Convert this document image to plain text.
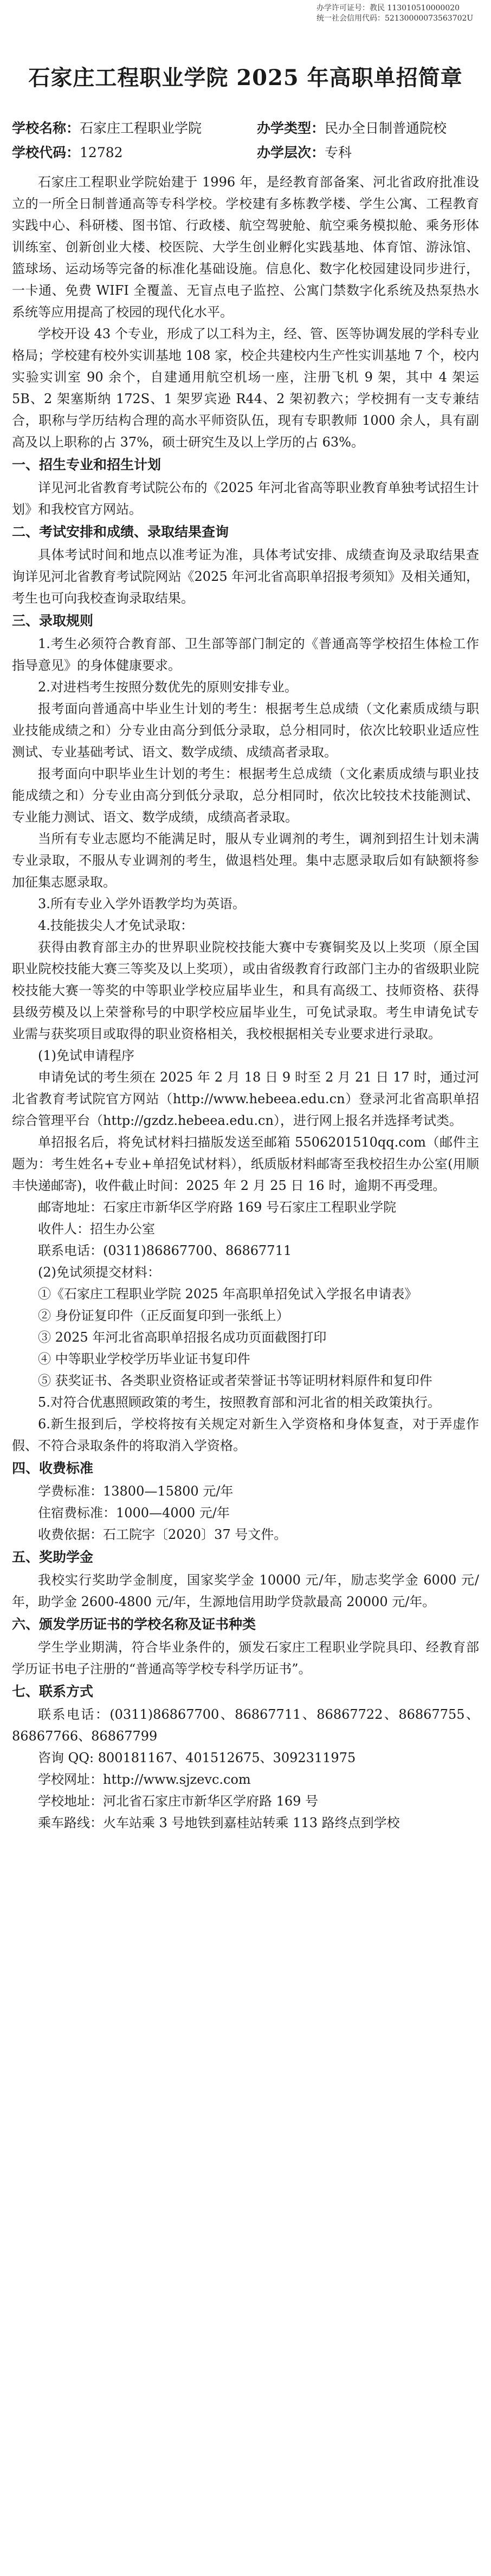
办学许可证号：教民 113010510000020

统一社会信用代码：52130000073563702U

石家庄工程职业学院 2025 年高职单招简章
学校名称： 石家庄工程职业学院	办学类型： 民办全日制普通院校
学校代码： 12782	办学层次： 专科

石家庄工程职业学院始建于 1996 年，是经教育部备案、河北省政府批准设立的一所全日制普通高等专科学校。学校建有多栋教学楼、学生公寓、工程教育实践中心、科研楼、图书馆、行政楼、航空驾驶舱、航空乘务模拟舱、乘务形体训练室、创新创业大楼、校医院、大学生创业孵化实践基地、体育馆、游泳馆、篮球场、运动场等完备的标准化基础设施。信息化、数字化校园建设同步进行，一卡通、免费 WIFI 全覆盖、无盲点电子监控、公寓门禁数字化系统及热泵热水系统等应用提高了校园的现代化水平。

学校开设 43 个专业，形成了以工科为主，经、管、医等协调发展的学科专业格局；学校建有校外实训基地 108 家，校企共建校内生产性实训基地 7 个，校内实验实训室 90 余个，自建通用航空机场一座，注册飞机 9 架，其中 4 架运 5B、2 架塞斯纳 172S、1 架罗宾逊 R44、2 架初教六；学校拥有一支专兼结合，职称与学历结构合理的高水平师资队伍，现有专职教师 1000 余人，具有副高及以上职称的占 37%，硕士研究生及以上学历的占 63%。

一、招生专业和招生计划

详见河北省教育考试院公布的《2025 年河北省高等职业教育单独考试招生计划》和我校官方网站。

二、考试安排和成绩、录取结果查询

具体考试时间和地点以准考证为准，具体考试安排、成绩查询及录取结果查询详见河北省教育考试院网站《2025 年河北省高职单招报考须知》及相关通知，考生也可向我校查询录取结果。

三、录取规则

1.考生必须符合教育部、卫生部等部门制定的《普通高等学校招生体检工作指导意见》的身体健康要求。

2.对进档考生按照分数优先的原则安排专业。

报考面向普通高中毕业生计划的考生：根据考生总成绩（文化素质成绩与职业技能成绩之和）分专业由高分到低分录取，总分相同时，依次比较职业适应性测试、专业基础考试、语文、数学成绩、成绩高者录取。

报考面向中职毕业生计划的考生：根据考生总成绩（文化素质成绩与职业技能成绩之和）分专业由高分到低分录取，总分相同时，依次比较技术技能测试、专业能力测试、语文、数学成绩，成绩高者录取。

当所有专业志愿均不能满足时，服从专业调剂的考生，调剂到招生计划未满专业录取，不服从专业调剂的考生，做退档处理。集中志愿录取后如有缺额将参加征集志愿录取。

3.所有专业入学外语教学均为英语。

4.技能拔尖人才免试录取：

获得由教育部主办的世界职业院校技能大赛中专赛铜奖及以上奖项（原全国职业院校技能大赛三等奖及以上奖项），或由省级教育行政部门主办的省级职业院校技能大赛一等奖的中等职业学校应届毕业生，和具有高级工、技师资格、获得县级劳模及以上荣誉称号的中职学校应届毕业生，可免试录取。考生申请免试专业需与获奖项目或取得的职业资格相关，我校根据相关专业要求进行录取。

(1)免试申请程序

申请免试的考生须在 2025 年 2 月 18 日 9 时至 2 月 21 日 17 时，通过河北省教育考试院官方网站（http://www.hebeea.edu.cn）登录河北省高职单招综合管理平台（http://gzdz.hebeea.edu.cn），进行网上报名并选择考试类。

单招报名后，将免试材料扫描版发送至邮箱 5506201510qq.com（邮件主题为：考生姓名+专业+单招免试材料），纸质版材料邮寄至我校招生办公室(用顺丰快递邮寄)，收件截止时间：2025 年 2 月 25 日 16 时，逾期不再受理。

邮寄地址：石家庄市新华区学府路 169 号石家庄工程职业学院

收件人：招生办公室

联系电话：(0311)86867700、86867711

(2)免试须提交材料：

①《石家庄工程职业学院 2025 年高职单招免试入学报名申请表》

② 身份证复印件（正反面复印到一张纸上）

③ 2025 年河北省高职单招报名成功页面截图打印

④ 中等职业学校学历毕业证书复印件

⑤ 获奖证书、各类职业资格证或者荣誉证书等证明材料原件和复印件

5.对符合优惠照顾政策的考生，按照教育部和河北省的相关政策执行。

6.新生报到后，学校将按有关规定对新生入学资格和身体复查，对于弄虚作假、不符合录取条件的将取消入学资格。

四、收费标准

学费标准：13800—15800 元/年

住宿费标准：1000—4000 元/年

收费依据：石工院字〔2020〕37 号文件。

五、奖助学金

我校实行奖助学金制度，国家奖学金 10000 元/年，励志奖学金 6000 元/年，助学金 2600-4800 元/年，生源地信用助学贷款最高 20000 元/年。

六、颁发学历证书的学校名称及证书种类

学生学业期满，符合毕业条件的，颁发石家庄工程职业学院具印、经教育部学历证书电子注册的“普通高等学校专科学历证书”。

七、联系方式

联系电话：(0311)86867700、86867711、86867722、86867755、86867766、86867799

咨询 QQ: 800181167、401512675、3092311975

学校网址：http://www.sjzevc.com

学校地址：河北省石家庄市新华区学府路 169 号

乘车路线：火车站乘 3 号地铁到嘉桂站转乘 113 路终点到学校
